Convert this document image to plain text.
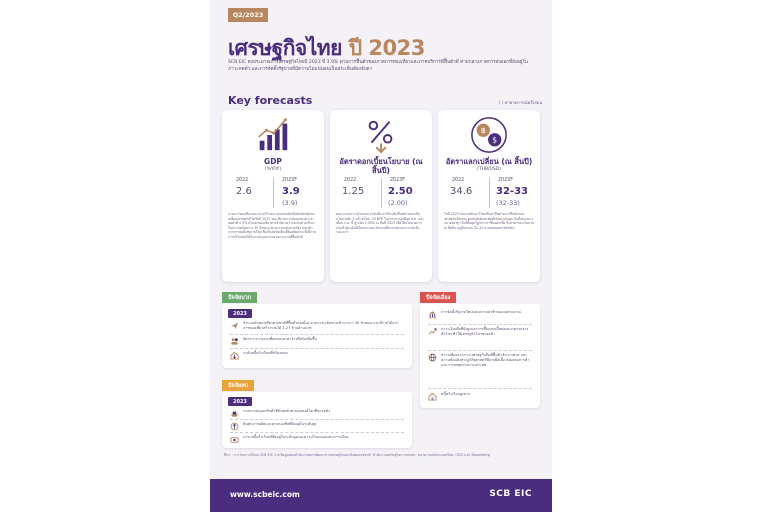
Q2/2023
เศรษฐกิจไทย ปี 2023
SCB EIC คงประมาณการเศรษฐกิจไทยปี 2023 ที่ 3.9% ตามการฟื้นตัวของภาคการท่องเที่ยวและภาคบริการที่ฟื้นตัวดี ท่ามกลางภาคการส่งออกที่ยังอยู่ในภาวะหดตัว และการจัดตั้งรัฐบาลที่มีความไม่แน่นอนเป็นประเด็นต้องจับตา
Key forecasts	( ) ค่าคาดการณ์ครั้งก่อน
GDP
(%YOY)
2022	2023F
2.6	3.9
(3.9)
ภาคการท่องเที่ยวและการบริโภคภาคเอกชนยังเป็นปัจจัยหลักขับเคลื่อนเศรษฐกิจไทยในปี 2023 ขณะที่ภาคการส่งออกคาดว่าจะหดตัวที่ 0.5% ด้านนักท่องเที่ยวต่างชาติคาดว่าจะเดินทางเข้ามาในประเทศไทยราว 30 ล้านคน ส่วนการลงทุนภาครัฐอาจล่าช้าจากการจัดตั้งรัฐบาลใหม่ ซึ่งเป็นปัจจัยเสี่ยงที่ต้องติดตาม ทั้งนี้ภาคการบริโภคยังได้รับแรงหนุนจากตลาดแรงงานที่ฟื้นตัวดี
อัตราดอกเบี้ยนโยบาย (ณ สิ้นปี)
2022	2023F
1.25 2.50
(2.00)
คณะกรรมการนโยบายการเงินมีแนวโน้มปรับขึ้นอัตราดอกเบี้ยนโยบายอีก 2 ครั้ง ครั้งละ 25 BPS ในการประชุมเดือน ส.ค. และเดือน ก.ย. นี้ สู่ระดับ 2.50% ณ สิ้นปี 2023 เพื่อให้นโยบายการเงินเข้าสู่ระดับที่เป็นกลางและรักษาเสถียรภาพระบบการเงินในระยะยาว
฿
$
อัตราแลกเปลี่ยน (ณ สิ้นปี)
(THB/USD)
2022	2023F
34.6 32-33
(32-33)
ในปี 2023 เงินบาทมีแนวโน้มแข็งค่าขึ้นตามการฟื้นตัวของเศรษฐกิจไทยและดุลบัญชีเดินสะพัดที่กลับมาเกินดุล อีกทั้งธนาคารกลางสหรัฐฯ ใกล้สิ้นสุดวัฏจักรการขึ้นดอกเบี้ย จึงคาดว่าค่าเงินบาท ณ สิ้นปีจะอยู่ในกรอบ 32-33 บาทต่อดอลลาร์สหรัฐฯ
ปัจจัยบวก
2023
จำนวนนักท่องเที่ยวต่างชาติที่ฟื้นตัวต่อเนื่อง คาดว่าจะเดินทางเข้ามาราว 30 ล้านคน และมีรายได้จากการท่องเที่ยวสร้างรายได้ 1.27 ล้านล้านบาท
อัตราการว่างงานที่ลดลงและค่าจ้างที่ปรับเพิ่มขึ้น
ระดับหนี้ครัวเรือนที่ปรับลดลง
ปัจจัยลบ
2023
ภาคการส่งออกสินค้าที่ยังหดตัวตามอุปสงค์โลกที่ชะลอตัว
ต้นทุนการผลิตและค่าครองชีพที่ยังอยู่ในระดับสูง
ภาระหนี้ครัวเรือนที่ยังอยู่ในระดับสูงและความไม่แน่นอนทางการเมือง
ปัจจัยเสี่ยง
การจัดตั้งรัฐบาลใหม่และความล่าช้าของงบประมาณ
ภาวะเงินเฟ้อที่ยังสูงและการขึ้นดอกเบี้ยของธนาคารกลางทั่วโลก ทำให้เศรษฐกิจโลกชะลอตัว
ความเสี่ยงจากภาวะเศรษฐกิจจีนที่ฟื้นตัวช้ากว่าคาด และความขัดแย้งทางภูมิรัฐศาสตร์ที่อาจยืดเยื้อ ส่งผลต่อการค้าและการลงทุนระหว่างประเทศ
฿
หนี้ครัวเรือนสูงมาก
ที่มา : การวิเคราะห์โดย SCB EIC จากข้อมูลของสำนักงานสภาพัฒนาการเศรษฐกิจและสังคมแห่งชาติ, สำนักงานเศรษฐกิจการเกษตร, ธนาคารแห่งประเทศไทย, CEIC และ Bloomberg
www.scbeic.com	SCB EIC
